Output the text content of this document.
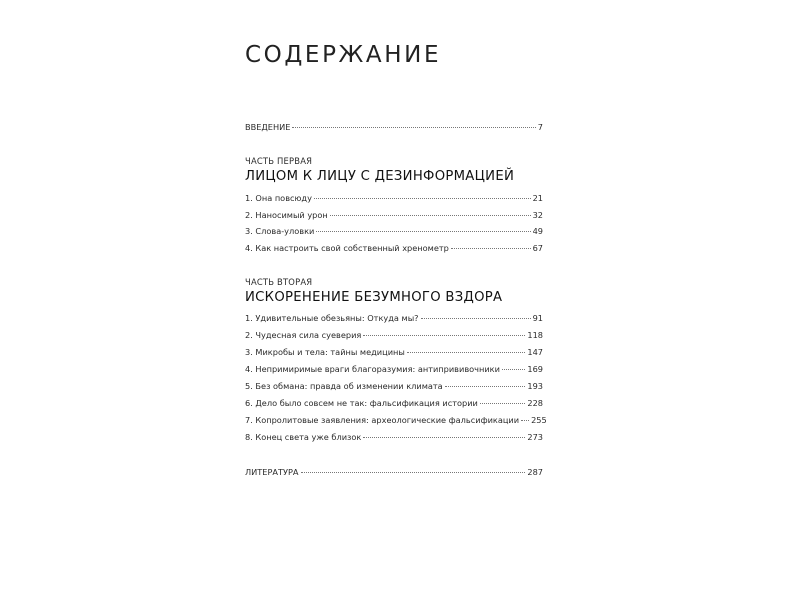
СОДЕРЖАНИЕ
ВВЕДЕНИЕ	7
ЧАСТЬ ПЕРВАЯ
ЛИЦОМ К ЛИЦУ С ДЕЗИНФОРМАЦИЕЙ
1. Она повсюду	21
2. Наносимый урон	32
3. Слова-уловки	49
4. Как настроить свой собственный хренометр	67
ЧАСТЬ ВТОРАЯ
ИСКОРЕНЕНИЕ БЕЗУМНОГО ВЗДОРА
1. Удивительные обезьяны: Откуда мы?	91
2. Чудесная сила суеверия	118
3. Микробы и тела: тайны медицины	147
4. Непримиримые враги благоразумия: антипрививочники	169
5. Без обмана: правда об изменении климата	193
6. Дело было совсем не так: фальсификация истории	228
7. Копролитовые заявления: археологические фальсификации 255
8. Конец света уже близок	273
ЛИТЕРАТУРА	287
